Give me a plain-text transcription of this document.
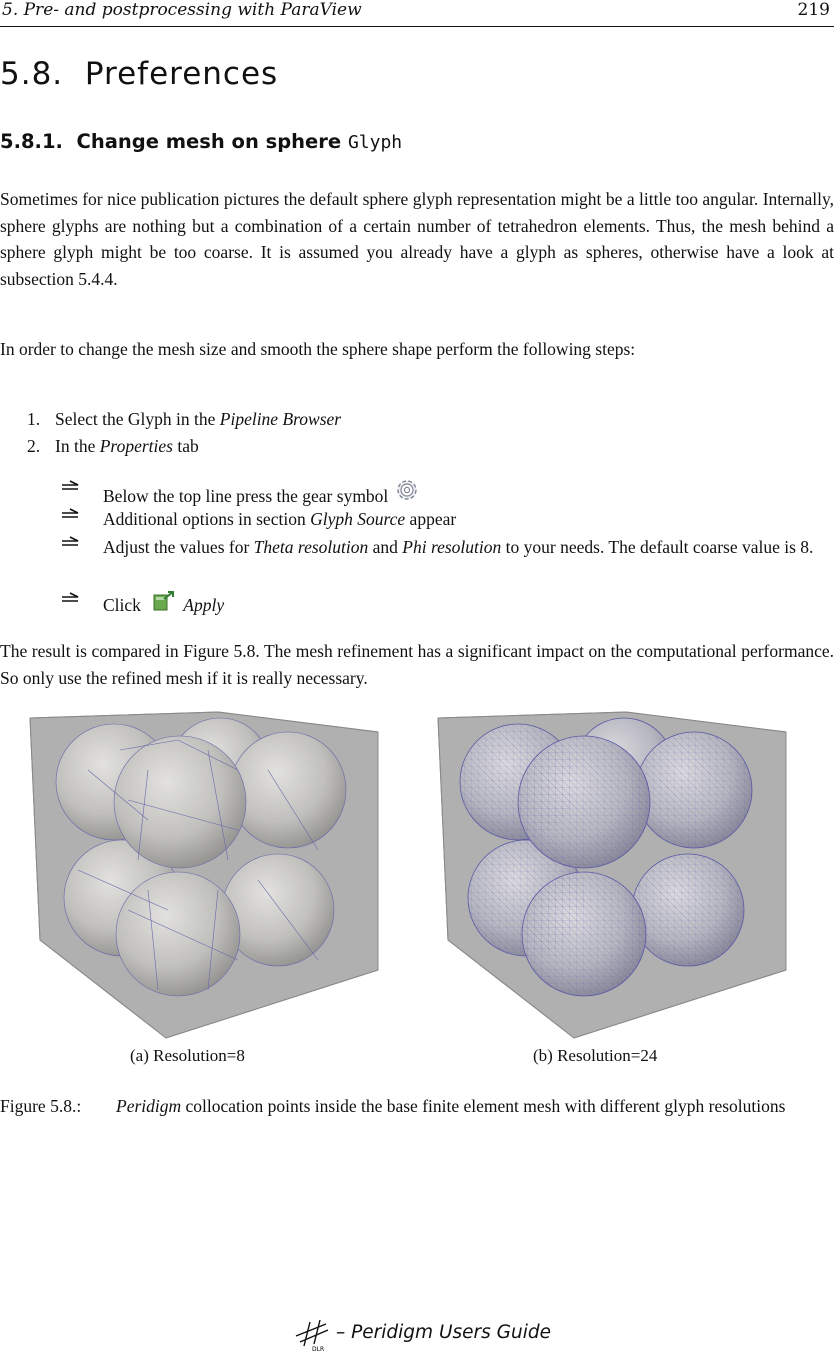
5. Pre- and postprocessing with ParaView	219
5.8. Preferences
5.8.1. Change mesh on sphere Glyph

Sometimes for nice publication pictures the default sphere glyph representation might be a little too angular. Internally, sphere glyphs are nothing but a combination of a certain number of tetrahedron elements. Thus, the mesh behind a sphere glyph might be too coarse. It is assumed you already have a glyph as spheres, otherwise have a look at subsection 5.4.4.

In order to change the mesh size and smooth the sphere shape perform the following steps:

1. Select the Glyph in the Pipeline Browser
2. In the Properties tab
Below the top line press the gear symbol
Additional options in section Glyph Source appear
Adjust the values for Theta resolution and Phi resolution to your needs. The default coarse value is 8.
Click Apply

The result is compared in Figure 5.8. The mesh refinement has a significant impact on the computational performance. So only use the refined mesh if it is really necessary.

(a) Resolution=8	(b) Resolution=24
Figure 5.8.: Peridigm collocation points inside the base finite element mesh with different glyph resolutions
DLR
– Peridigm Users Guide
